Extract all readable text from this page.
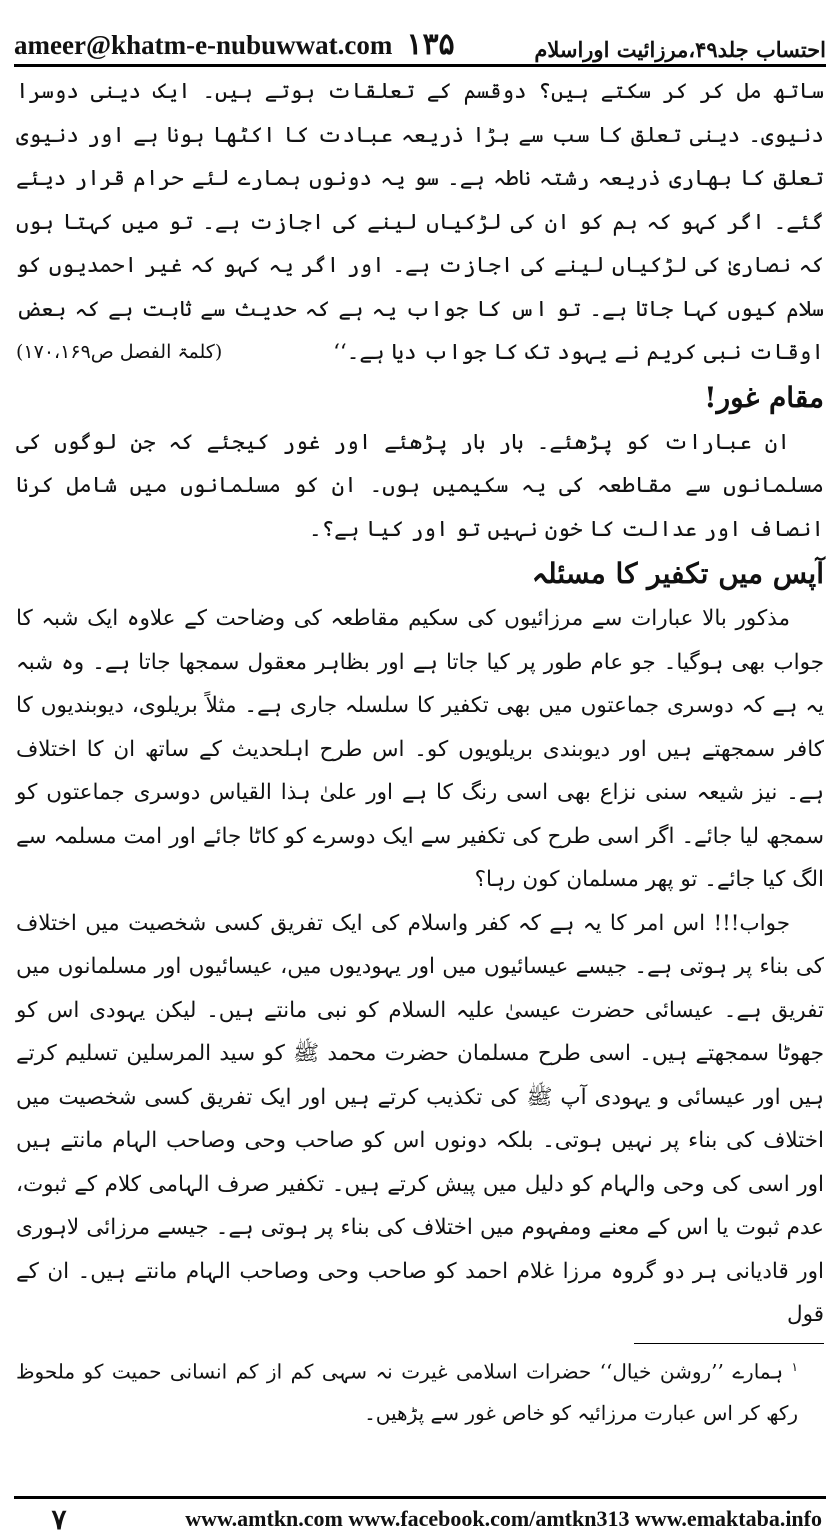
ameer@khatm-e-nubuwwat.com ۱۳۵	احتساب جلد۴۹،مرزائیت اوراسلام

ساتھ مل کر کر سکتے ہیں؟ دوقسم کے تعلقات ہوتے ہیں۔ ایک دینی دوسرا دنیوی۔ دینی تعلق کا سب سے بڑا ذریعہ عبادت کا اکٹھا ہونا ہے اور دنیوی تعلق کا بھاری ذریعہ رشتہ ناطہ ہے۔ سو یہ دونوں ہمارے لئے حرام قرار دیئے گئے۔ اگر کہو کہ ہم کو ان کی لڑکیاں لینے کی اجازت ہے۔ تو میں کہتا ہوں کہ نصاریٰ کی لڑکیاں لینے کی اجازت ہے۔ اور اگر یہ کہو کہ غیر احمدیوں کو سلام کیوں کہا جاتا ہے۔ تو اس کا جواب یہ ہے کہ حدیث سے ثابت ہے کہ بعض اوقات نبی کریم نے یہود تک کا جواب دیا ہے۔‘‘
(کلمۃ الفصل ص۱۷۰،۱۶۹)

مقام غور!

ان عبارات کو پڑھئے۔ بار بار پڑھئے اور غور کیجئے کہ جن لوگوں کی مسلمانوں سے مقاطعہ کی یہ سکیمیں ہوں۔ ان کو مسلمانوں میں شامل کرنا انصاف اور عدالت کا خون نہیں تو اور کیا ہے؟۔

آپس میں تکفیر کا مسئلہ

مذکور بالا عبارات سے مرزائیوں کی سکیم مقاطعہ کی وضاحت کے علاوہ ایک شبہ کا جواب بھی ہوگیا۔ جو عام طور پر کیا جاتا ہے اور بظاہر معقول سمجھا جاتا ہے۔ وہ شبہ یہ ہے کہ دوسری جماعتوں میں بھی تکفیر کا سلسلہ جاری ہے۔ مثلاً بریلوی، دیوبندیوں کا کافر سمجھتے ہیں اور دیوبندی بریلویوں کو۔ اس طرح اہلحدیث کے ساتھ ان کا اختلاف ہے۔ نیز شیعہ سنی نزاع بھی اسی رنگ کا ہے اور علیٰ ہذا القیاس دوسری جماعتوں کو سمجھ لیا جائے۔ اگر اسی طرح کی تکفیر سے ایک دوسرے کو کاٹا جائے اور امت مسلمہ سے الگ کیا جائے۔ تو پھر مسلمان کون رہا؟

جواب!!! اس امر کا یہ ہے کہ کفر واسلام کی ایک تفریق کسی شخصیت میں اختلاف کی بناء پر ہوتی ہے۔ جیسے عیسائیوں میں اور یہودیوں میں، عیسائیوں اور مسلمانوں میں تفریق ہے۔ عیسائی حضرت عیسیٰ علیہ السلام کو نبی مانتے ہیں۔ لیکن یہودی اس کو جھوٹا سمجھتے ہیں۔ اسی طرح مسلمان حضرت محمد ﷺ کو سید المرسلین تسلیم کرتے ہیں اور عیسائی و یہودی آپ ﷺ کی تکذیب کرتے ہیں اور ایک تفریق کسی شخصیت میں اختلاف کی بناء پر نہیں ہوتی۔ بلکہ دونوں اس کو صاحب وحی وصاحب الہام مانتے ہیں اور اسی کی وحی والہام کو دلیل میں پیش کرتے ہیں۔ تکفیر صرف الہامی کلام کے ثبوت، عدم ثبوت یا اس کے معنے ومفہوم میں اختلاف کی بناء پر ہوتی ہے۔ جیسے مرزائی لاہوری اور قادیانی ہر دو گروہ مرزا غلام احمد کو صاحب وحی وصاحب الہام مانتے ہیں۔ ان کے قول

$^۱$ ہمارے ’’روشن خیال‘‘ حضرات اسلامی غیرت نہ سہی کم از کم انسانی حمیت کو ملحوظ رکھ کر اس عبارت مرزائیہ کو خاص غور سے پڑھیں۔

۷	www.amtkn.com www.facebook.com/amtkn313 www.emaktaba.info
